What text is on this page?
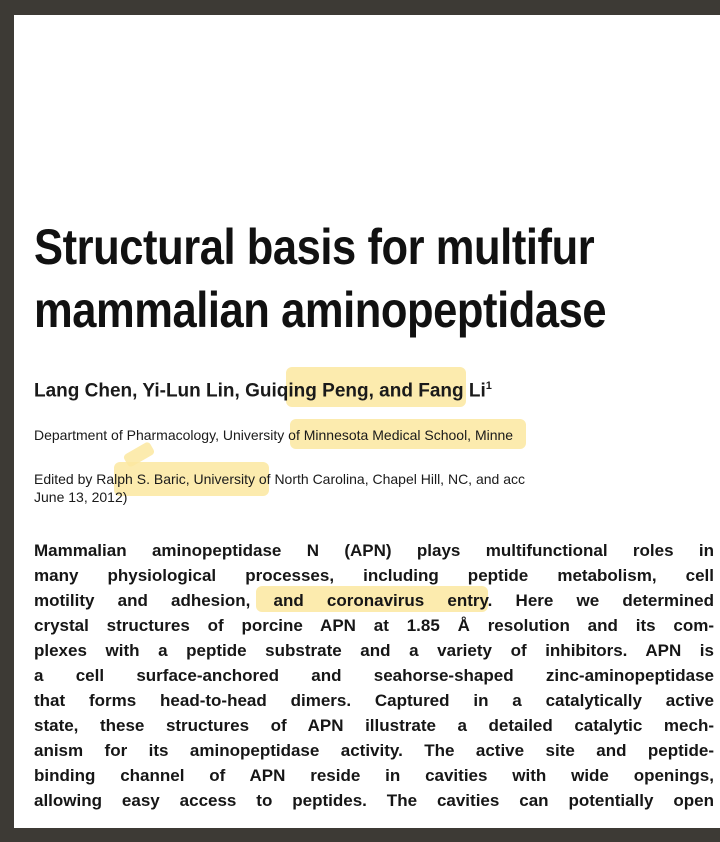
Structural basis for multifur
mammalian aminopeptidase
Lang Chen, Yi-Lun Lin, Guiqing Peng, and Fang Li$^1$
Department of Pharmacology, University of Minnesota Medical School, Minne
Edited by Ralph S. Baric, University of North Carolina, Chapel Hill, NC, and acc
June 13, 2012)
Mammalian aminopeptidase N (APN) plays multifunctional roles in
many physiological processes, including peptide metabolism, cell
motility and adhesion, and coronavirus entry. Here we determined
crystal structures of porcine APN at 1.85 Å resolution and its com-
plexes with a peptide substrate and a variety of inhibitors. APN is
a cell surface-anchored and seahorse-shaped zinc-aminopeptidase
that forms head-to-head dimers. Captured in a catalytically active
state, these structures of APN illustrate a detailed catalytic mech-
anism for its aminopeptidase activity. The active site and peptide-
binding channel of APN reside in cavities with wide openings,
allowing easy access to peptides. The cavities can potentially open
